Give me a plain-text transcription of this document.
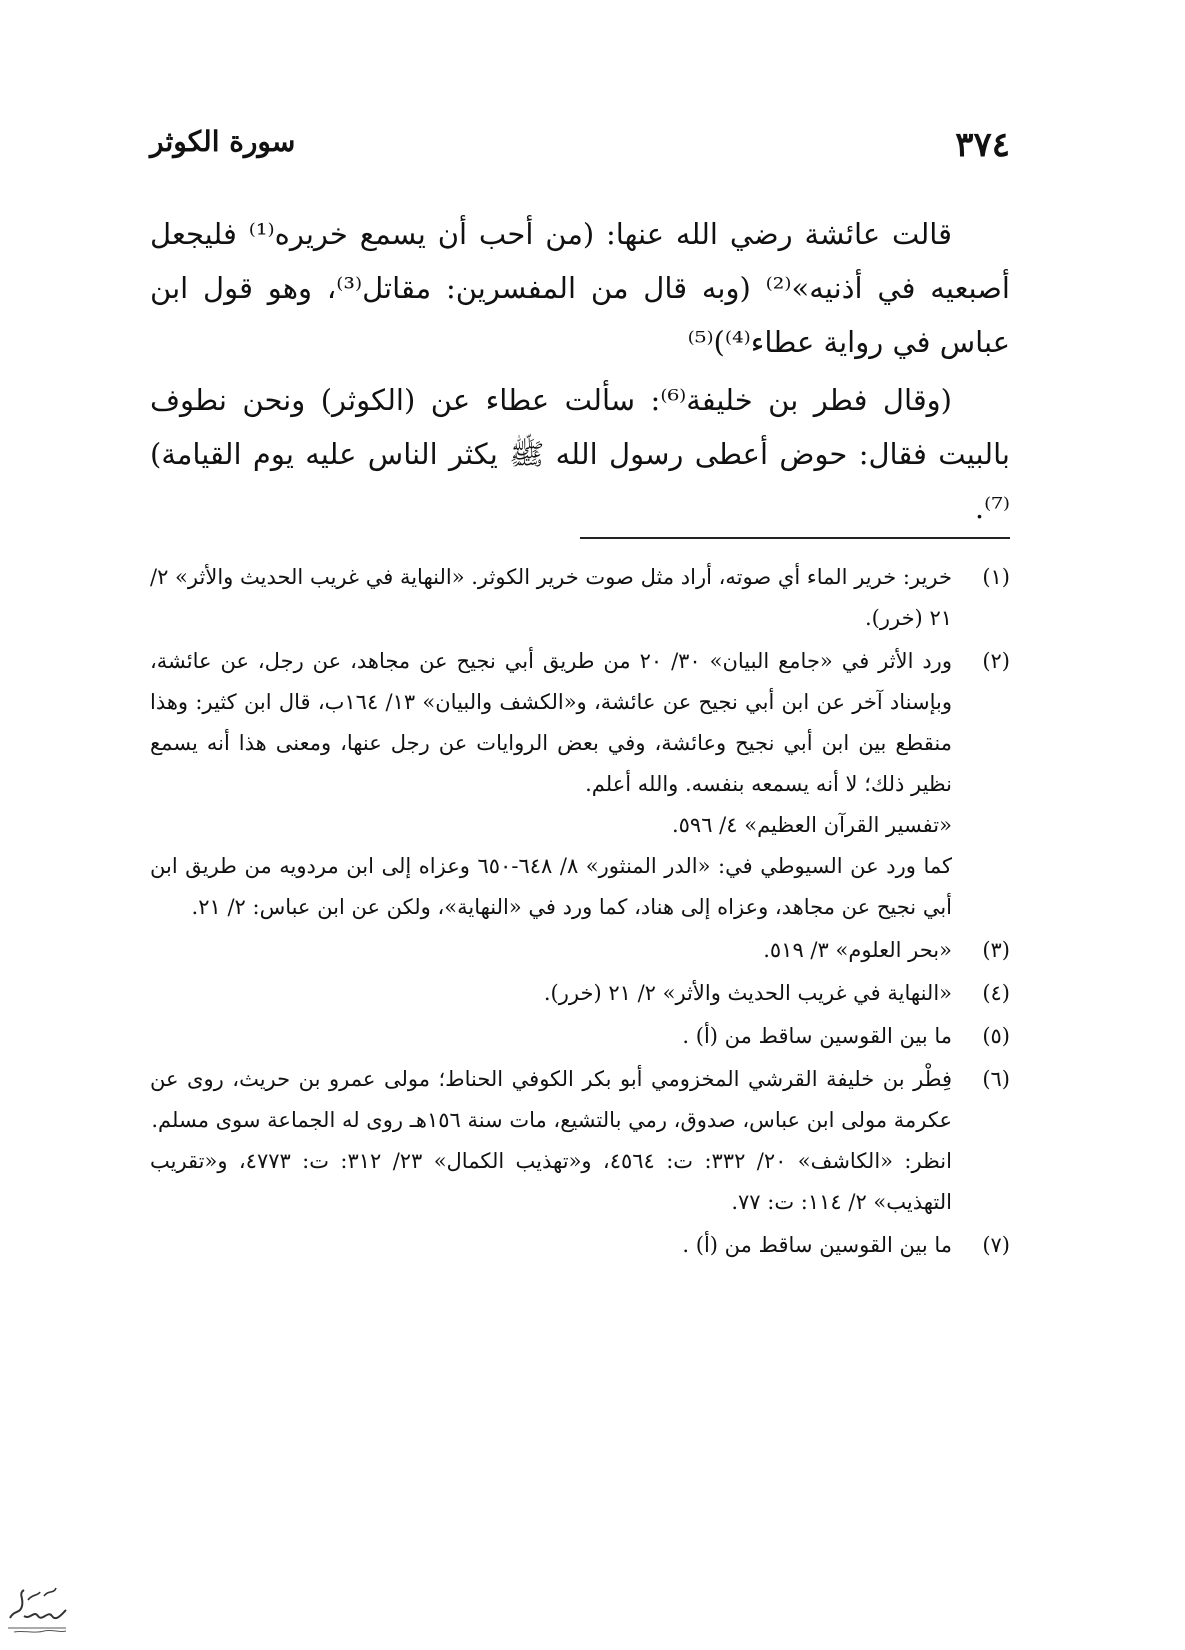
٣٧٤
سورة الكوثر

قالت عائشة رضي الله عنها: (من أحب أن يسمع خريره⁽¹⁾ فليجعل أصبعيه في أذنيه»⁽²⁾ (وبه قال من المفسرين: مقاتل⁽³⁾، وهو قول ابن عباس في رواية عطاء⁽⁴⁾)⁽⁵⁾

(وقال فطر بن خليفة⁽⁶⁾: سألت عطاء عن (الكوثر) ونحن نطوف بالبيت فقال: حوض أعطى رسول الله ﷺ يكثر الناس عليه يوم القيامة)⁽⁷⁾.

(١)

خرير: خرير الماء أي صوته، أراد مثل صوت خرير الكوثر. «النهاية في غريب الحديث والأثر» ٢/ ٢١ (خرر).

(٢)

ورد الأثر في «جامع البيان» ٣٠/ ٢٠ من طريق أبي نجيح عن مجاهد، عن رجل، عن عائشة، وبإسناد آخر عن ابن أبي نجيح عن عائشة، و«الكشف والبيان» ١٣/ ١٦٤ب، قال ابن كثير: وهذا منقطع بين ابن أبي نجيح وعائشة، وفي بعض الروايات عن رجل عنها، ومعنى هذا أنه يسمع نظير ذلك؛ لا أنه يسمعه بنفسه. والله أعلم.

«تفسير القرآن العظيم» ٤/ ٥٩٦.

كما ورد عن السيوطي في: «الدر المنثور» ٨/ ٦٤٨-٦٥٠ وعزاه إلى ابن مردويه من طريق ابن أبي نجيح عن مجاهد، وعزاه إلى هناد، كما ورد في «النهاية»، ولكن عن ابن عباس: ٢/ ٢١.

(٣)

«بحر العلوم» ٣/ ٥١٩.

(٤)

«النهاية في غريب الحديث والأثر» ٢/ ٢١ (خرر).

(٥)

ما بين القوسين ساقط من (أ) .

(٦)

فِطْر بن خليفة القرشي المخزومي أبو بكر الكوفي الحناط؛ مولى عمرو بن حريث، روى عن عكرمة مولى ابن عباس، صدوق، رمي بالتشيع، مات سنة ١٥٦هـ روى له الجماعة سوى مسلم.

انظر: «الكاشف» ٢٠/ ٣٣٢: ت: ٤٥٦٤، و«تهذيب الكمال» ٢٣/ ٣١٢: ت: ٤٧٧٣، و«تقريب التهذيب» ٢/ ١١٤: ت: ٧٧.

(٧)

ما بين القوسين ساقط من (أ) .
